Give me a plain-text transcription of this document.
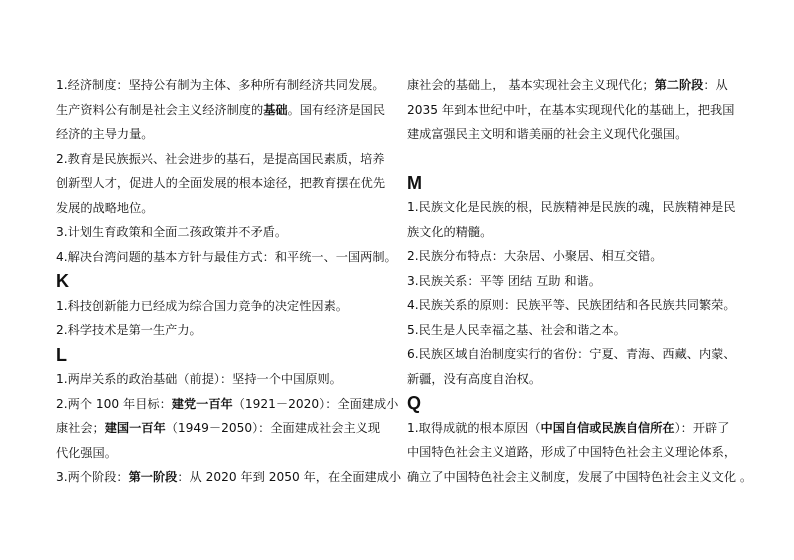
1.经济制度：坚持公有制为主体、多种所有制经济共同发展。
生产资料公有制是社会主义经济制度的基础。国有经济是国民
经济的主导力量。
2.教育是民族振兴、社会进步的基石，是提高国民素质，培养
创新型人才，促进人的全面发展的根本途径，把教育摆在优先
发展的战略地位。
3.计划生育政策和全面二孩政策并不矛盾。
4.解决台湾问题的基本方针与最佳方式：和平统一、一国两制。
K
1.科技创新能力已经成为综合国力竞争的决定性因素。
2.科学技术是第一生产力。
L
1.两岸关系的政治基础（前提）：坚持一个中国原则。
2.两个 100 年目标：建党一百年（1921－2020）：全面建成小
康社会；建国一百年（1949－2050）：全面建成社会主义现
代化强国。
3.两个阶段：第一阶段：从 2020 年到 2050 年，在全面建成小
康社会的基础上， 基本实现社会主义现代化；第二阶段：从
2035 年到本世纪中叶，在基本实现现代化的基础上，把我国
建成富强民主文明和谐美丽的社会主义现代化强国。
M
1.民族文化是民族的根，民族精神是民族的魂，民族精神是民
族文化的精髓。
2.民族分布特点：大杂居、小聚居、相互交错。
3.民族关系：平等 团结 互助 和谐。
4.民族关系的原则：民族平等、民族团结和各民族共同繁荣。
5.民生是人民幸福之基、社会和谐之本。
6.民族区域自治制度实行的省份：宁夏、青海、西藏、内蒙、
新疆，没有高度自治权。
Q
1.取得成就的根本原因（中国自信或民族自信所在）：开辟了
中国特色社会主义道路，形成了中国特色社会主义理论体系，
确立了中国特色社会主义制度，发展了中国特色社会主义文化 。
